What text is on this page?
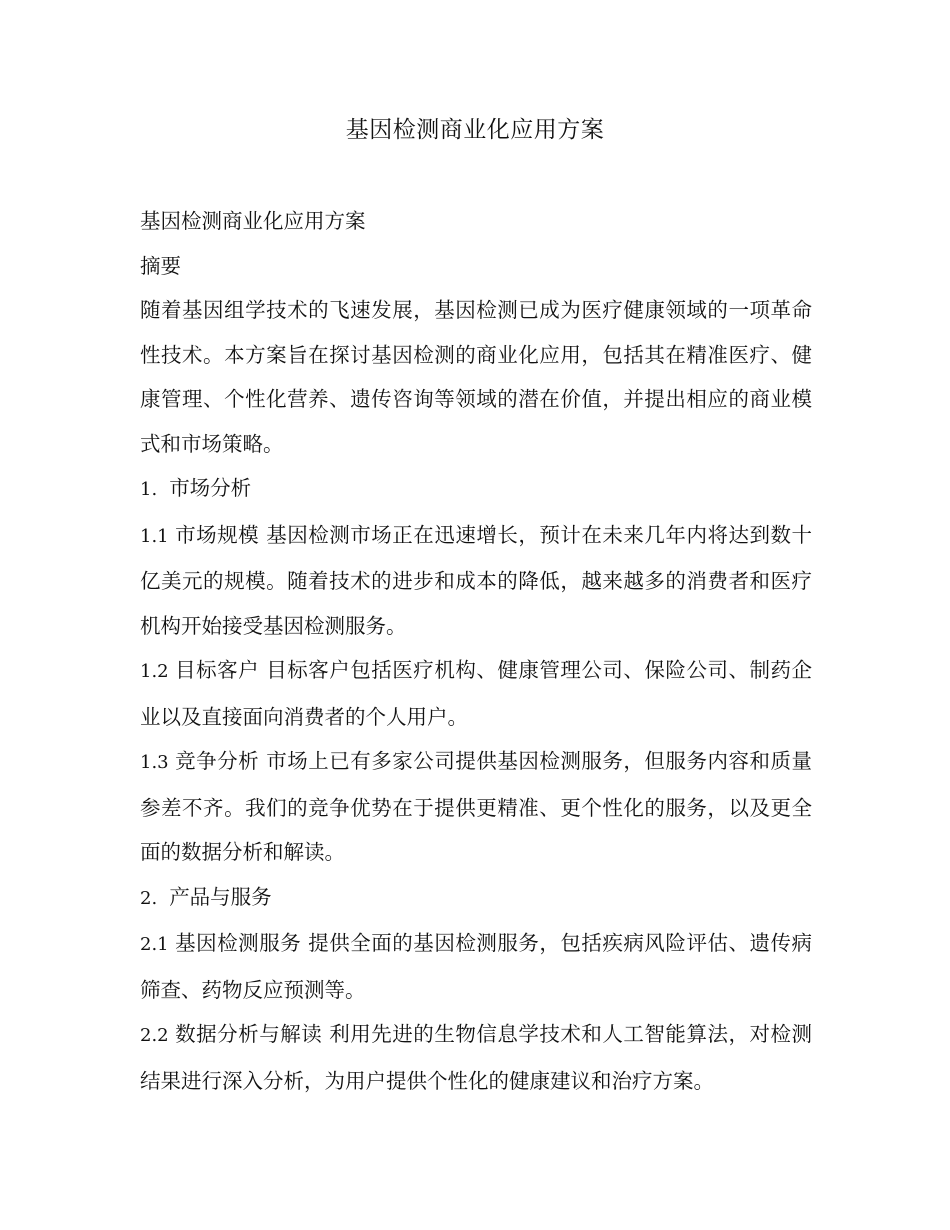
基因检测商业化应用方案

基因检测商业化应用方案

摘要

随着基因组学技术的飞速发展，基因检测已成为医疗健康领域的一项革命性技术。本方案旨在探讨基因检测的商业化应用，包括其在精准医疗、健康管理、个性化营养、遗传咨询等领域的潜在价值，并提出相应的商业模式和市场策略。

1. 市场分析

1.1 市场规模 基因检测市场正在迅速增长，预计在未来几年内将达到数十亿美元的规模。随着技术的进步和成本的降低，越来越多的消费者和医疗机构开始接受基因检测服务。

1.2 目标客户 目标客户包括医疗机构、健康管理公司、保险公司、制药企业以及直接面向消费者的个人用户。

1.3 竞争分析 市场上已有多家公司提供基因检测服务，但服务内容和质量参差不齐。我们的竞争优势在于提供更精准、更个性化的服务，以及更全面的数据分析和解读。

2. 产品与服务

2.1 基因检测服务 提供全面的基因检测服务，包括疾病风险评估、遗传病筛查、药物反应预测等。

2.2 数据分析与解读 利用先进的生物信息学技术和人工智能算法，对检测结果进行深入分析，为用户提供个性化的健康建议和治疗方案。
